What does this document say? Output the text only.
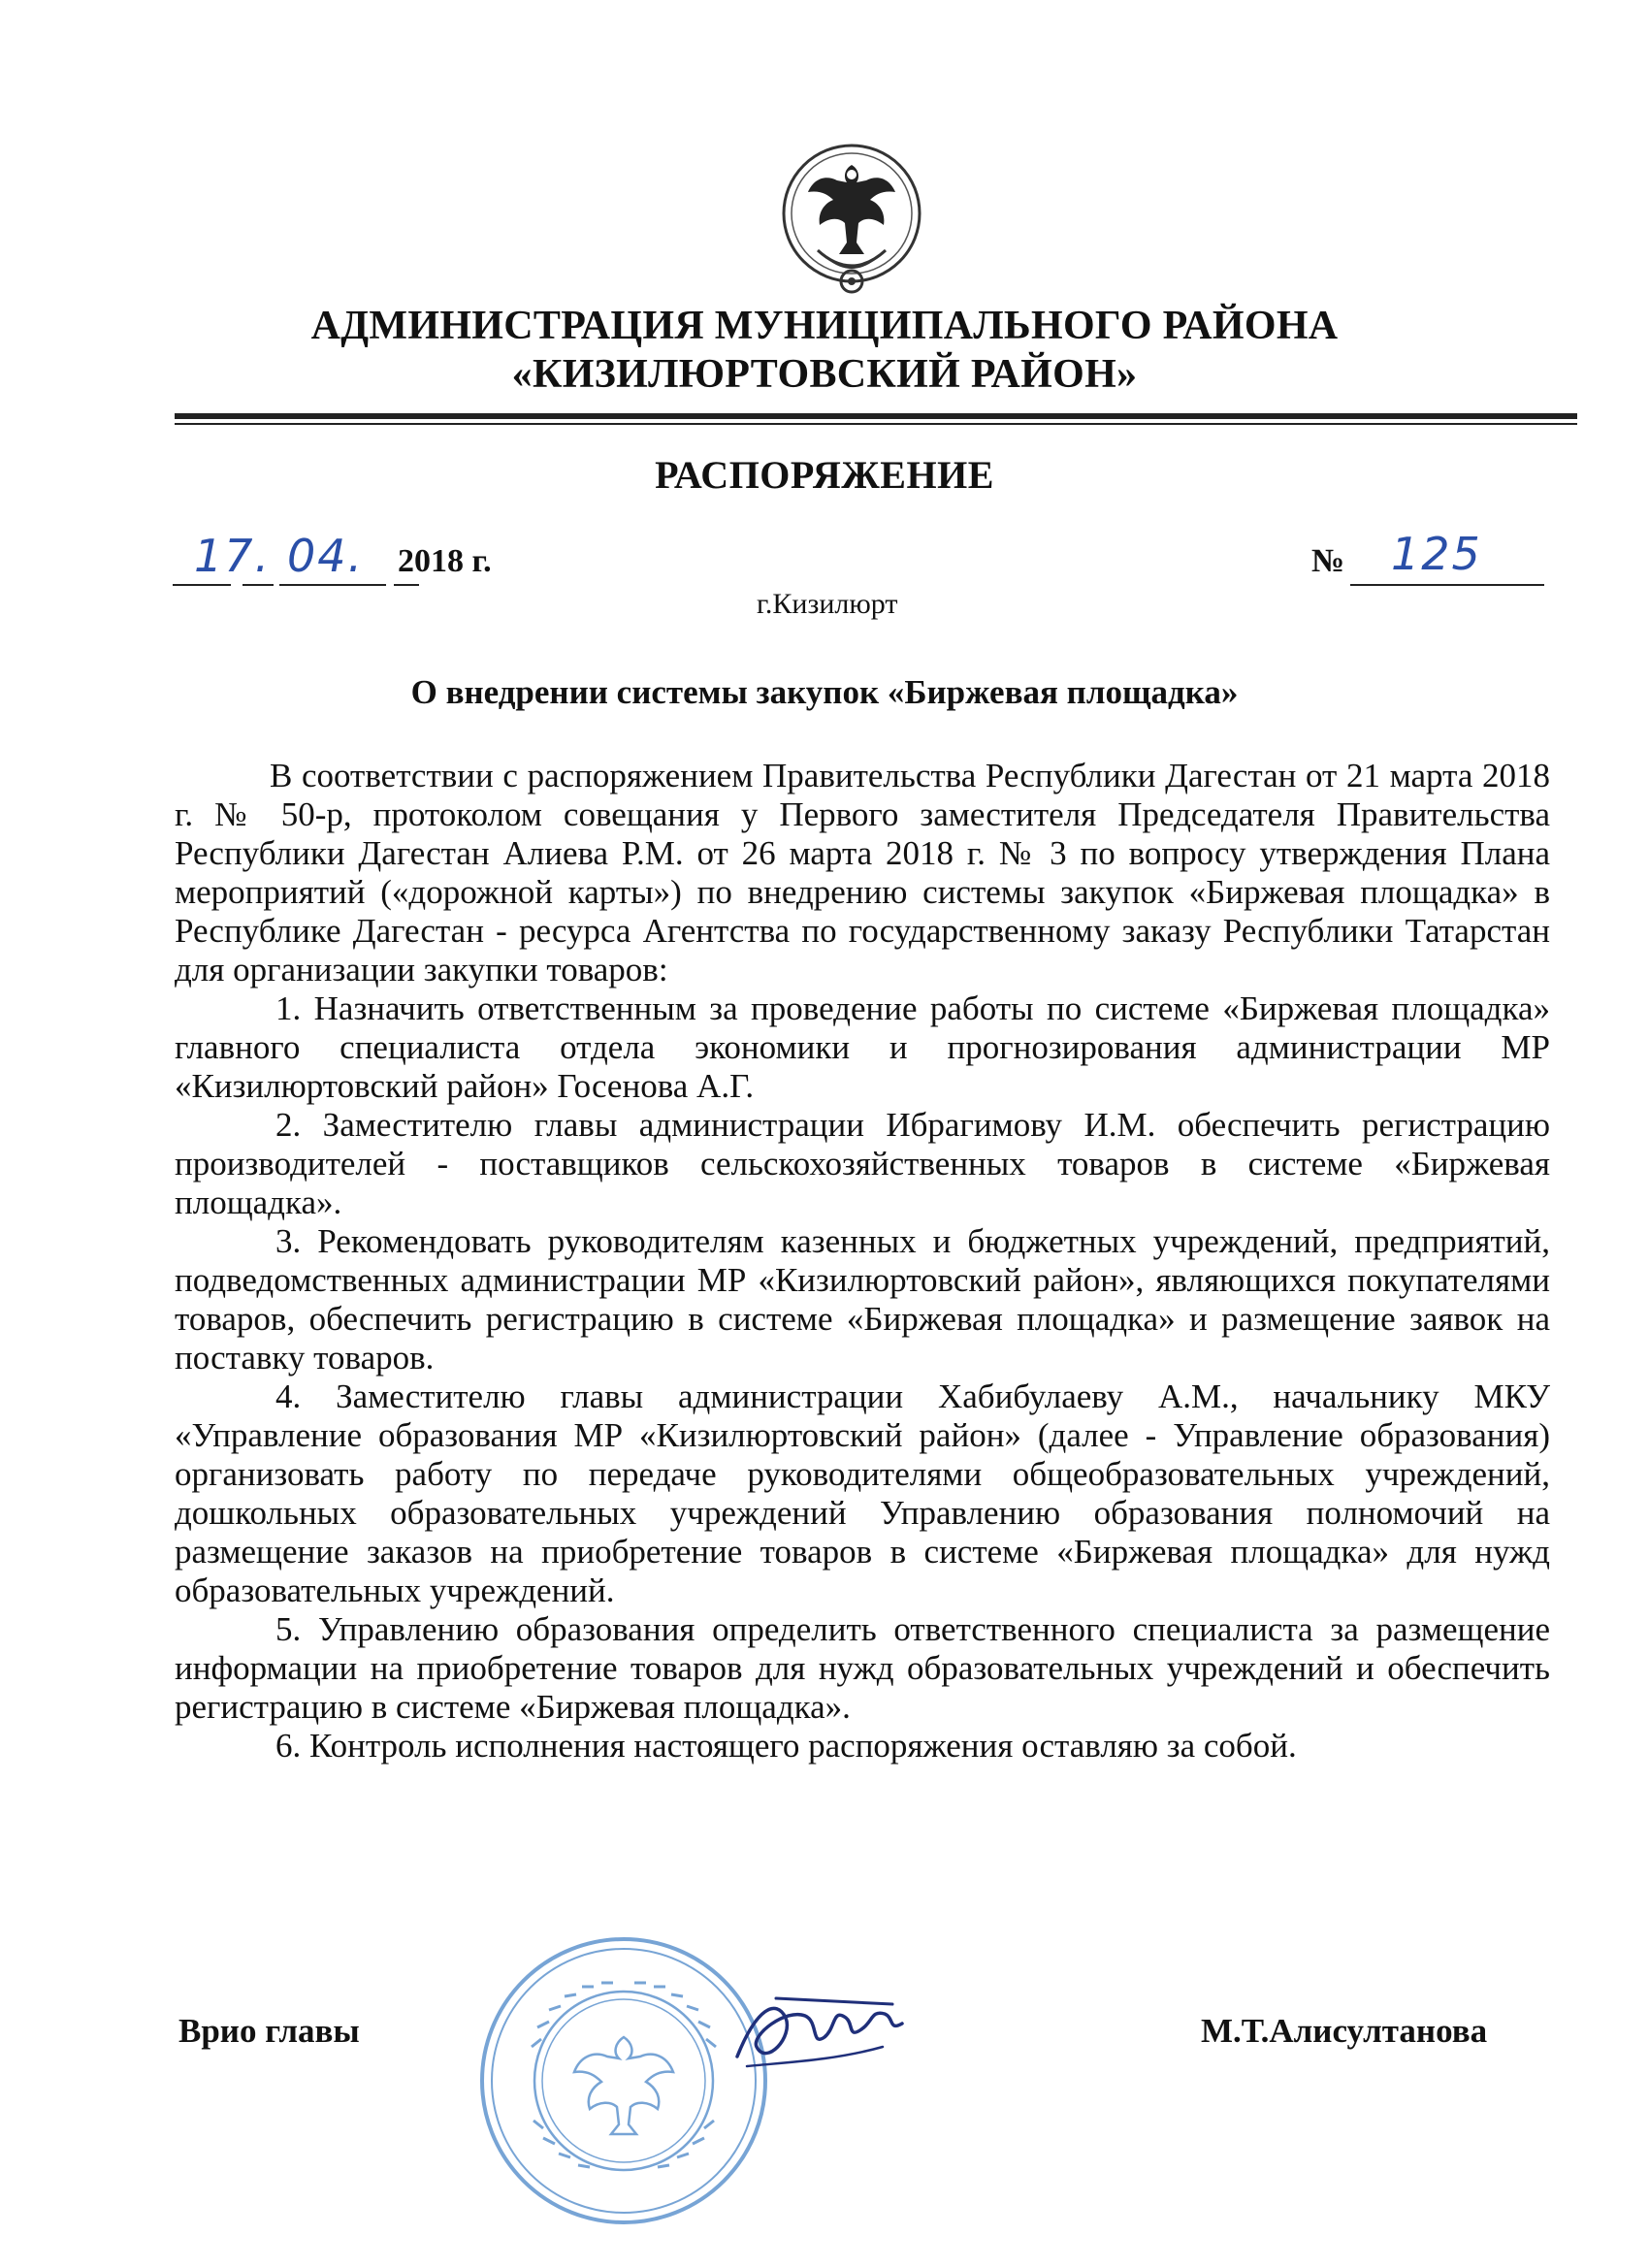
АДМИНИСТРАЦИЯ МУНИЦИПАЛЬНОГО РАЙОНА
«КИЗИЛЮРТОВСКИЙ РАЙОН»
РАСПОРЯЖЕНИЕ
17. 04. 2018 г.	№ 125
г.Кизилюрт
О внедрении системы закупок «Биржевая площадка»

В соответствии с распоряжением Правительства Республики Дагестан от 21 марта 2018 г. № 50-р, протоколом совещания у Первого заместителя Председателя Правительства Республики Дагестан Алиева Р.М. от 26 марта 2018 г. № 3 по вопросу утверждения Плана мероприятий («дорожной карты») по внедрению системы закупок «Биржевая площадка» в Республике Дагестан - ресурса Агентства по государственному заказу Республики Татарстан для организации закупки товаров:

1. Назначить ответственным за проведение работы по системе «Биржевая площадка» главного специалиста отдела экономики и прогнозирования администрации МР «Кизилюртовский район» Госенова А.Г.

2. Заместителю главы администрации Ибрагимову И.М. обеспечить регистрацию производителей - поставщиков сельскохозяйственных товаров в системе «Биржевая площадка».

3. Рекомендовать руководителям казенных и бюджетных учреждений, предприятий, подведомственных администрации МР «Кизилюртовский район», являющихся покупателями товаров, обеспечить регистрацию в системе «Биржевая площадка» и размещение заявок на поставку товаров.

4. Заместителю главы администрации Хабибулаеву А.М., начальнику МКУ «Управление образования МР «Кизилюртовский район» (далее - Управление образования) организовать работу по передаче руководителями общеобразовательных учреждений, дошкольных образовательных учреждений Управлению образования полномочий на размещение заказов на приобретение товаров в системе «Биржевая площадка» для нужд образовательных учреждений.

5. Управлению образования определить ответственного специалиста за размещение информации на приобретение товаров для нужд образовательных учреждений и обеспечить регистрацию в системе «Биржевая площадка».

6. Контроль исполнения настоящего распоряжения оставляю за собой.

Врио главы	М.Т.Алисултанова
